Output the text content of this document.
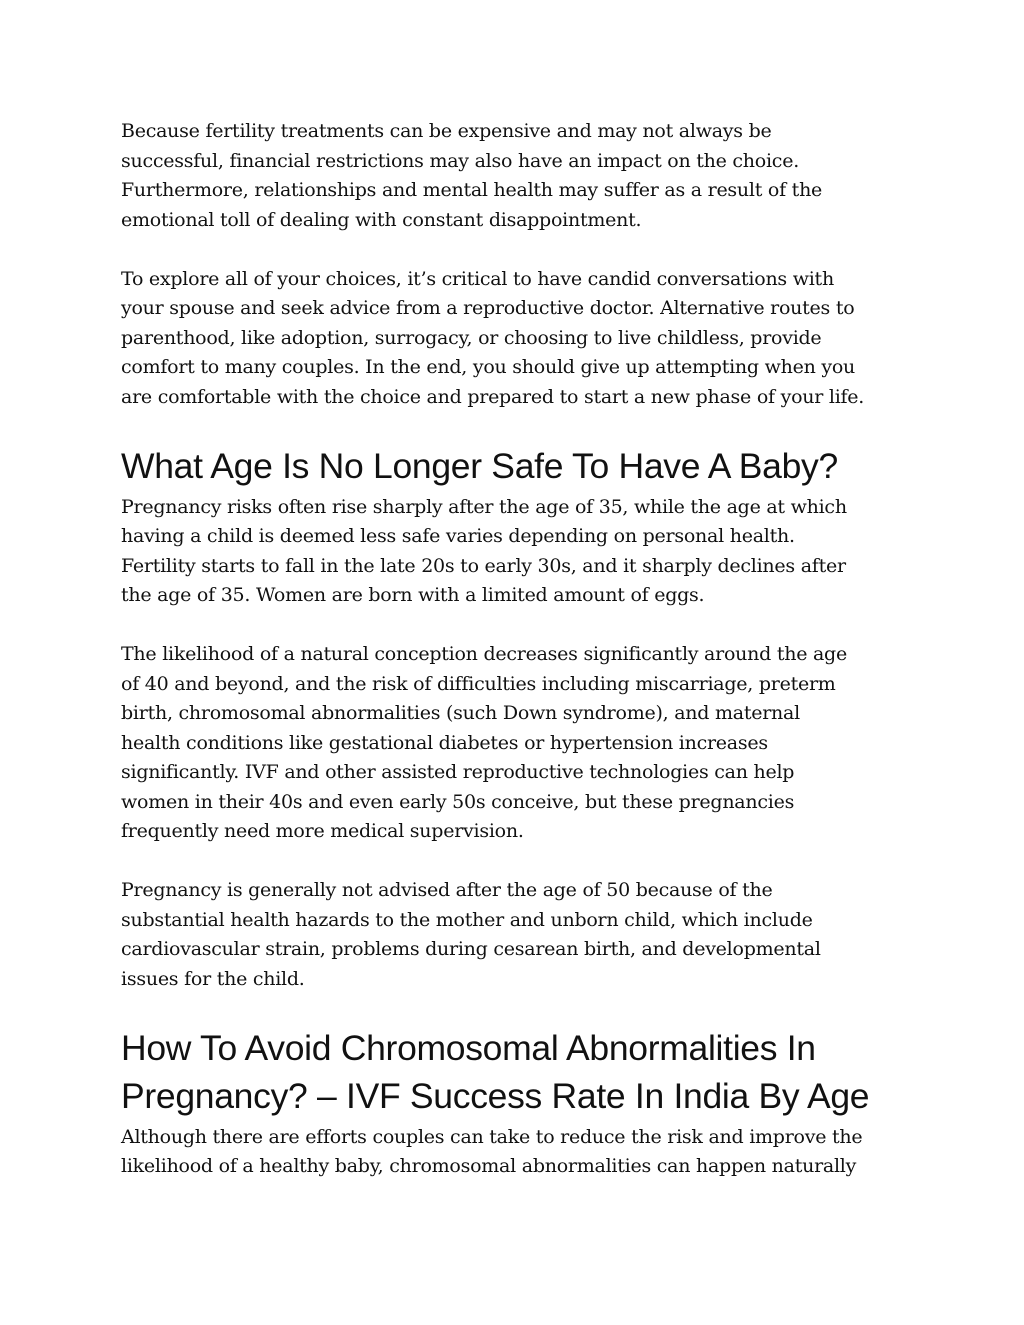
Because fertility treatments can be expensive and may not always be
successful, financial restrictions may also have an impact on the choice.
Furthermore, relationships and mental health may suffer as a result of the
emotional toll of dealing with constant disappointment.

To explore all of your choices, it’s critical to have candid conversations with
your spouse and seek advice from a reproductive doctor. Alternative routes to
parenthood, like adoption, surrogacy, or choosing to live childless, provide
comfort to many couples. In the end, you should give up attempting when you
are comfortable with the choice and prepared to start a new phase of your life.

What Age Is No Longer Safe To Have A Baby?

Pregnancy risks often rise sharply after the age of 35, while the age at which
having a child is deemed less safe varies depending on personal health.
Fertility starts to fall in the late 20s to early 30s, and it sharply declines after
the age of 35. Women are born with a limited amount of eggs.

The likelihood of a natural conception decreases significantly around the age
of 40 and beyond, and the risk of difficulties including miscarriage, preterm
birth, chromosomal abnormalities (such Down syndrome), and maternal
health conditions like gestational diabetes or hypertension increases
significantly. IVF and other assisted reproductive technologies can help
women in their 40s and even early 50s conceive, but these pregnancies
frequently need more medical supervision.

Pregnancy is generally not advised after the age of 50 because of the
substantial health hazards to the mother and unborn child, which include
cardiovascular strain, problems during cesarean birth, and developmental
issues for the child.

How To Avoid Chromosomal Abnormalities In
Pregnancy? – IVF Success Rate In India By Age

Although there are efforts couples can take to reduce the risk and improve the
likelihood of a healthy baby, chromosomal abnormalities can happen naturally
